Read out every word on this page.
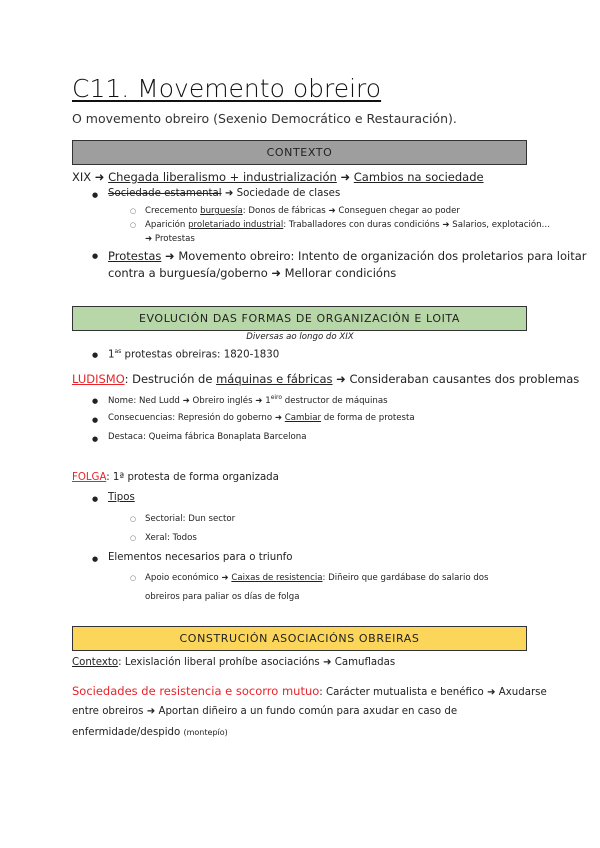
C11. Movemento obreiro
O movemento obreiro (Sexenio Democrático e Restauración).
CONTEXTO
XIX ➜ Chegada liberalismo + industrialización ➜ Cambios na sociedade
● Sociedade estamental ➜ Sociedade de clases
○ Crecemento burguesía: Donos de fábricas ➜ Conseguen chegar ao poder
○ Aparición proletariado industrial: Traballadores con duras condicións ➜ Salarios, explotación…
➜ Protestas
● Protestas ➜ Movemento obreiro: Intento de organización dos proletarios para loitar
contra a burguesía/goberno ➜ Mellorar condicións
EVOLUCIÓN DAS FORMAS DE ORGANIZACIÓN E LOITA
Diversas ao longo do XIX
● $1^{as}$ protestas obreiras: 1820-1830
LUDISMO: Destrución de máquinas e fábricas ➜ Consideraban causantes dos problemas
● Nome: Ned Ludd ➜ Obreiro inglés ➜ $1^{eiro}$ destructor de máquinas
● Consecuencias: Represión do goberno ➜ Cambiar de forma de protesta
● Destaca: Queima fábrica Bonaplata Barcelona
FOLGA: 1ª protesta de forma organizada
● Tipos
○ Sectorial: Dun sector
○ Xeral: Todos
● Elementos necesarios para o triunfo
○ Apoio económico ➜ Caixas de resistencia: Diñeiro que gardábase do salario dos
obreiros para paliar os días de folga
CONSTRUCIÓN ASOCIACIÓNS OBREIRAS
Contexto: Lexislación liberal prohíbe asociacións ➜ Camufladas
Sociedades de resistencia e socorro mutuo: Carácter mutualista e benéfico ➜ Axudarse
entre obreiros ➜ Aportan diñeiro a un fundo común para axudar en caso de
enfermidade/despido (montepío)
